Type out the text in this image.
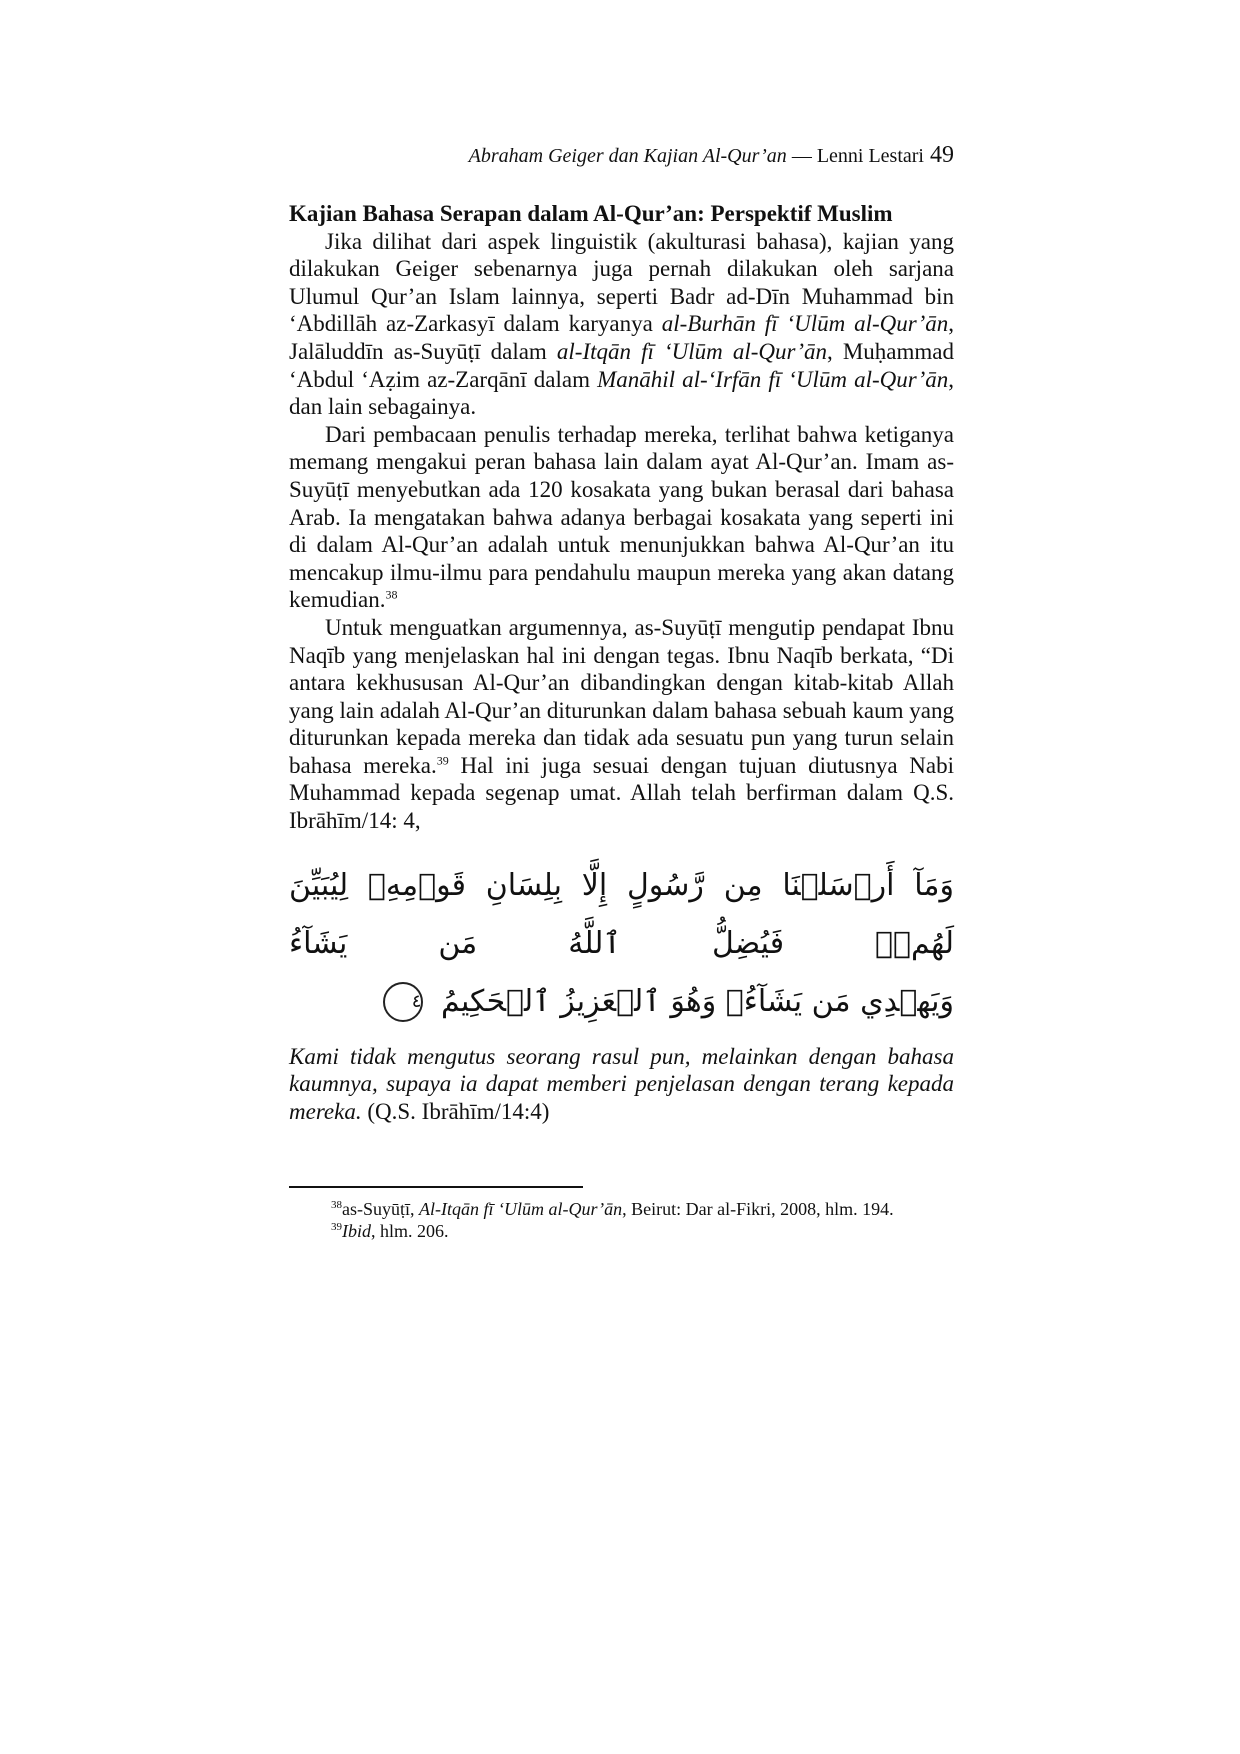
Abraham Geiger dan Kajian Al-Qur’an — Lenni Lestari 49

Kajian Bahasa Serapan dalam Al-Qur’an: Perspektif Muslim

Jika dilihat dari aspek linguistik (akulturasi bahasa), kajian yang dilakukan Geiger sebenarnya juga pernah dilakukan oleh sarjana Ulumul Qur’an Islam lainnya, seperti Badr ad-Dīn Muhammad bin ‘Abdillāh az-Zarkasyī dalam karyanya al-Burhān fī ‘Ulūm al-Qur’ān, Jalāluddīn as-Suyūṭī dalam al-Itqān fī ‘Ulūm al-Qur’ān, Muḥammad ‘Abdul ‘Aẓim az-Zarqānī dalam Manāhil al-‘Irfān fī ‘Ulūm al-Qur’ān, dan lain sebagainya.

Dari pembacaan penulis terhadap mereka, terlihat bahwa ketiganya memang mengakui peran bahasa lain dalam ayat Al-Qur’an. Imam as-Suyūṭī menyebutkan ada 120 kosakata yang bukan berasal dari bahasa Arab. Ia mengatakan bahwa adanya berbagai kosakata yang seperti ini di dalam Al-Qur’an adalah untuk menunjukkan bahwa Al-Qur’an itu mencakup ilmu-ilmu para pendahulu maupun mereka yang akan datang kemudian.$^{38}$

Untuk menguatkan argumennya, as-Suyūṭī mengutip pendapat Ibnu Naqīb yang menjelaskan hal ini dengan tegas. Ibnu Naqīb berkata, “Di antara kekhususan Al-Qur’an dibandingkan dengan kitab-kitab Allah yang lain adalah Al-Qur’an diturunkan dalam bahasa sebuah kaum yang diturunkan kepada mereka dan tidak ada sesuatu pun yang turun selain bahasa mereka.$^{39}$ Hal ini juga sesuai dengan tujuan diutusnya Nabi Muhammad kepada segenap umat. Allah telah berfirman dalam Q.S. Ibrāhīm/14: 4,

وَمَآ أَرۡسَلۡنَا مِن رَّسُولٍ إِلَّا بِلِسَانِ قَوۡمِهِۦ لِيُبَيِّنَ لَهُمۡۖ فَيُضِلُّ ٱللَّهُ مَن يَشَآءُ

وَيَهۡدِي مَن يَشَآءُۚ وَهُوَ ٱلۡعَزِيزُ ٱلۡحَكِيمُ ٤

Kami tidak mengutus seorang rasul pun, melainkan dengan bahasa kaumnya, supaya ia dapat memberi penjelasan dengan terang kepada mereka. (Q.S. Ibrāhīm/14:4)

$^{38}$as-Suyūṭī, Al-Itqān fī ‘Ulūm al-Qur’ān, Beirut: Dar al-Fikri, 2008, hlm. 194.

$^{39}$Ibid, hlm. 206.
